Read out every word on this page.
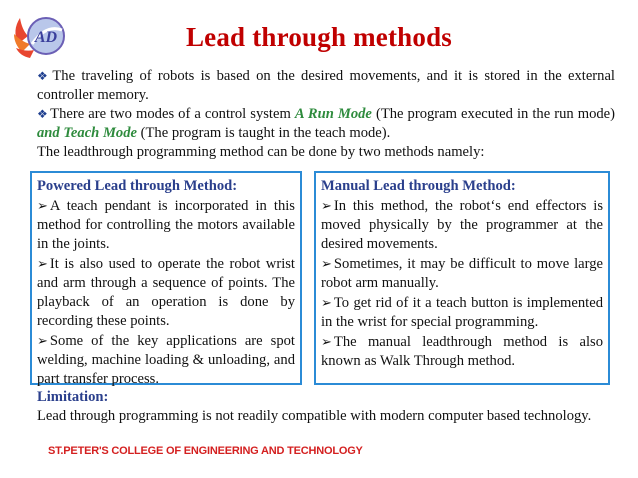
AD	Lead through methods

❖ The traveling of robots is based on the desired movements, and it is stored in the external controller memory.

❖ There are two modes of a control system A Run Mode (The program executed in the run mode) and Teach Mode (The program is taught in the teach mode).

The leadthrough programming method can be done by two methods namely:

Powered Lead through Method:

➢ A teach pendant is incorporated in this method for controlling the motors available in the joints.

➢ It is also used to operate the robot wrist and arm through a sequence of points. The playback of an operation is done by recording these points.

➢ Some of the key applications are spot welding, machine loading & unloading, and part transfer process.

Manual Lead through Method:

➢ In this method, the robot‘s end effectors is moved physically by the programmer at the desired movements.

➢ Sometimes, it may be difficult to move large robot arm manually.

➢ To get rid of it a teach button is implemented in the wrist for special programming.

➢ The manual leadthrough method is also known as Walk Through method.

Limitation:

Lead through programming is not readily compatible with modern computer based technology.

ST.PETER'S COLLEGE OF ENGINEERING AND TECHNOLOGY
